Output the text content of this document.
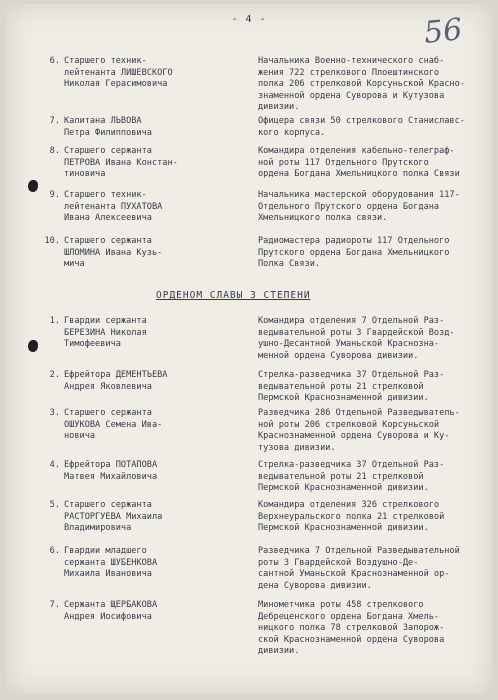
- 4 -	56
6. Старшего техник-
лейтенанта ЛИШЕВСКОГО
Николая Герасимовича
Начальника Военно-технического снаб-
жения 722 стрелкового Плоештинского
полка 206 стрелковой Корсуньской Красно-
знаменной ордена Суворова и Кутузова
дивизии.
7. Капитана ЛЬВОВА
Петра Филипповича
Офицера связи 50 стрелкового Станиславс-
кого корпуса.
8. Старшего сержанта
ПЕТРОВА Ивана Констан-
тиновича
Командира отделения кабельно-телеграф-
ной роты 117 Отдельного Прутского
ордена Богдана Хмельницкого полка Связи
9. Старшего техник-
лейтенанта ПУХАТОВА
Ивана Алексеевича
Начальника мастерской оборудования 117-
Отдельного Прутского ордена Богдана
Хмельницкого полка связи.
10. Старшего сержанта
ШЛОМИНА Ивана Кузь-
мича
Радиомастера радиороты 117 Отдельного
Прутского ордена Богдана Хмельницкого
Полка Связи.
ОРДЕНОМ СЛАВЫ 3 СТЕПЕНИ
1. Гвардии сержанта
БЕРЕЗИНА Николая
Тимофеевича
Командира отделения 7 Отдельной Раз-
ведывательной роты 3 Гвардейской Возд-
ушно-Десантной Уманьской Краснозна-
менной ордена Суворова дивизии.
2. Ефрейтора ДЕМЕНТЬЕВА
Андрея Яковлевича
Стрелка-разведчика 37 Отдельной Раз-
ведывательной роты 21 стрелковой
Пермской Краснознаменной дивизии.
3. Старшего сержанта
ОШУКОВА Семена Ива-
новича
Разведчика 286 Отдельной Разведыватель-
ной роты 206 стрелковой Корсуньской
Краснознаменной ордена Суворова и Ку-
тузова дивизии.
4. Ефрейтора ПОТАПОВА
Матвея Михайловича
Стрелка-разведчика 37 Отдельной Раз-
ведывательной роты 21 стрелковой
Пермской Краснознаменной дивизии.
5. Старшего сержанта
РАСТОРГУЕВА Михаила
Владимировича
Командира отделения 326 стрелкового
Верхнеуральского полка 21 стрелковой
Пермской Краснознаменной дивизии.
6. Гвардии младшего
сержанта ШУБЕНКОВА
Михаила Ивановича
Разведчика 7 Отдельной Разведывательной
роты 3 Гвардейской Воздушно-Де-
сантной Уманьской Краснознаменной ор-
дена Суворова дивизии.
7. Сержанта ЩЕРБАКОВА
Андрея Иосифовича
Минометчика роты 458 стрелкового
Дебреценского ордена Богдана Хмель-
ницкого полка 78 стрелковой Запорож-
ской Краснознаменной ордена Суворова
дивизии.
